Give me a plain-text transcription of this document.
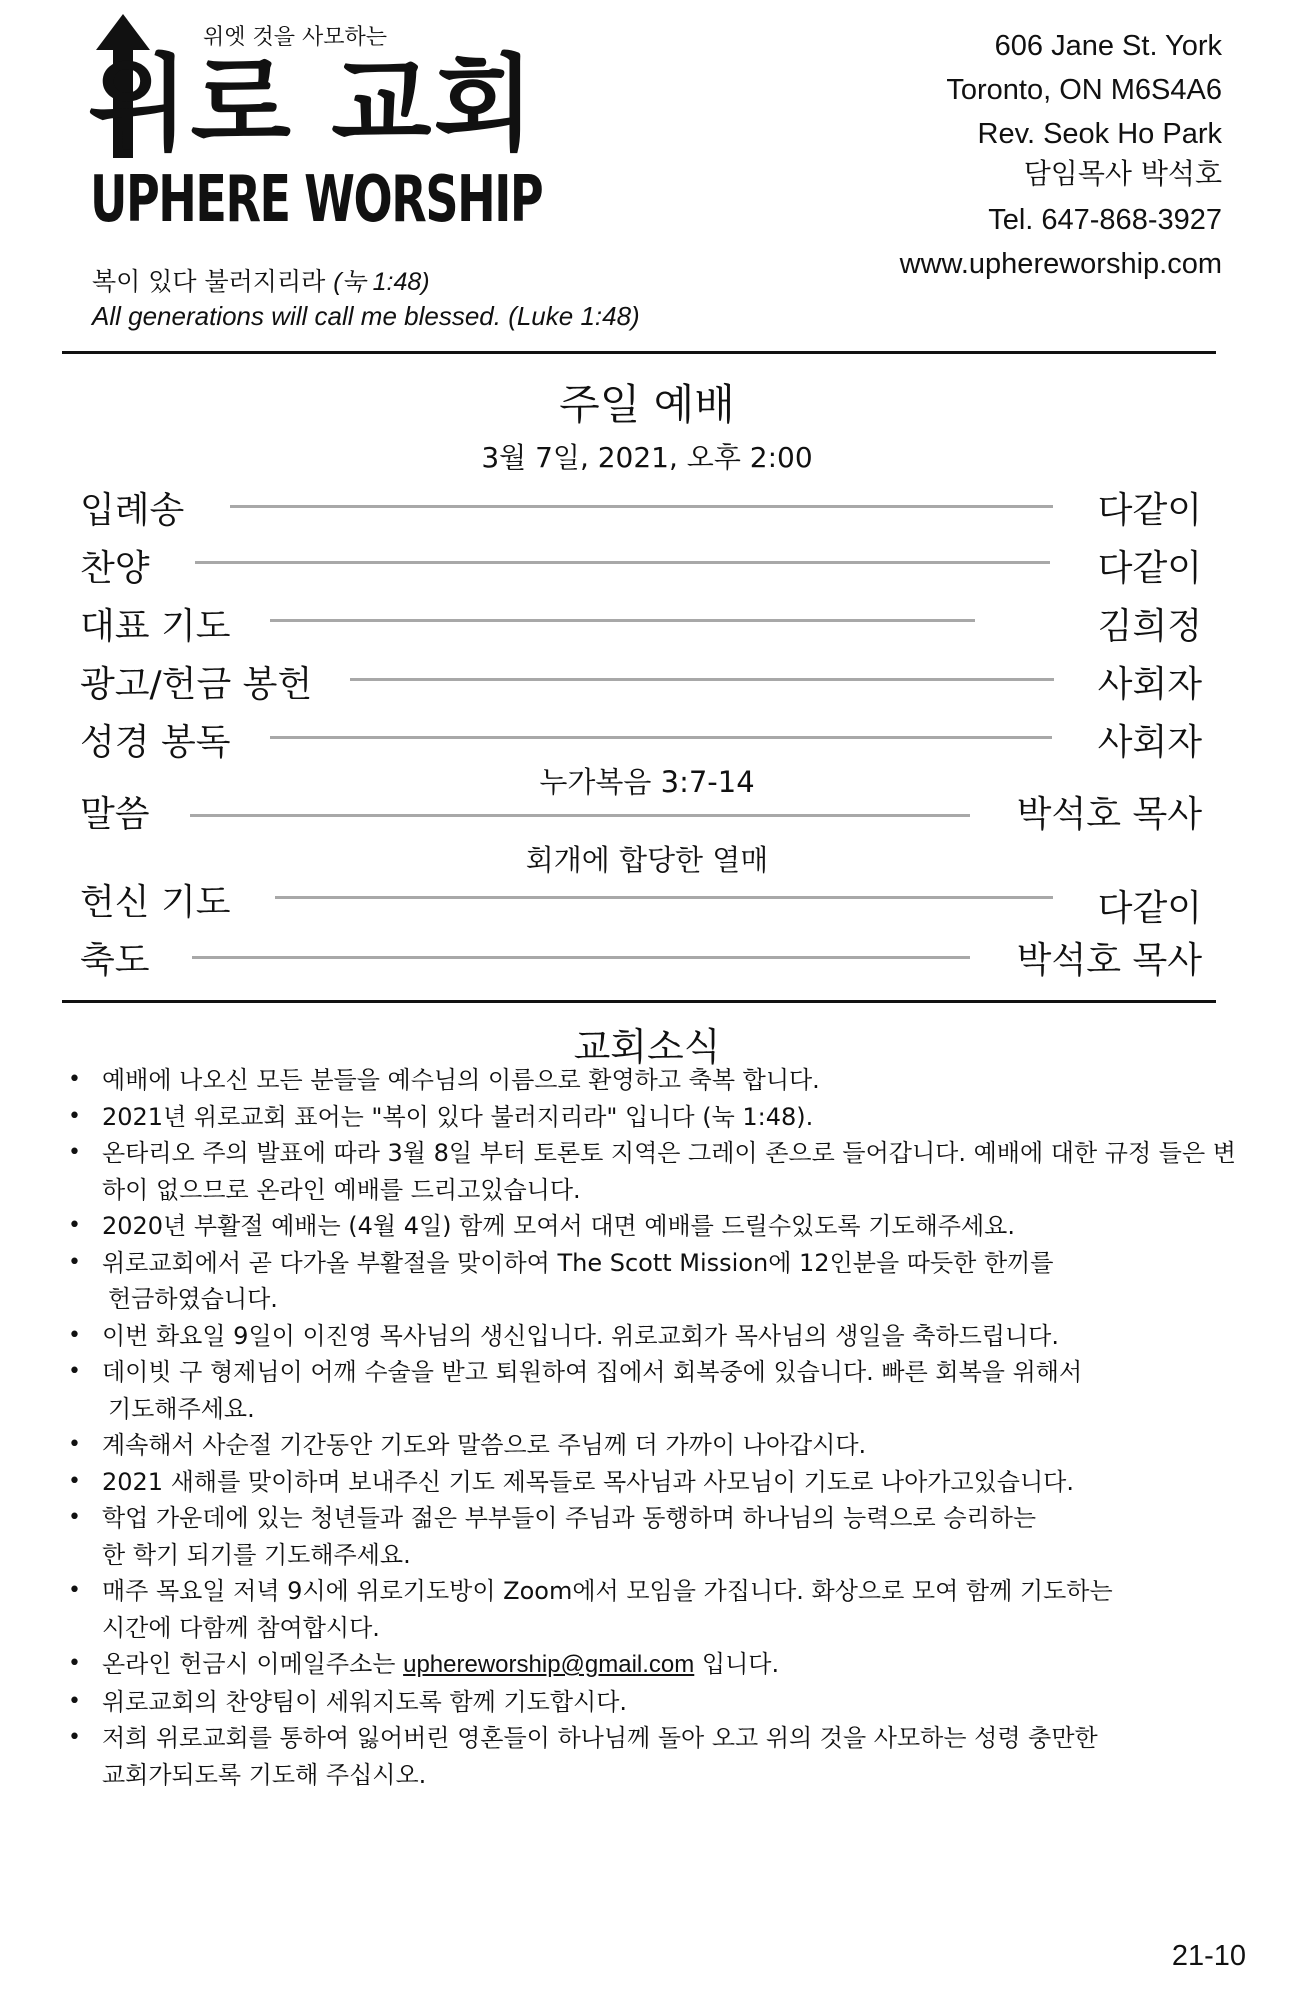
위엣 것을 사모하는
위로 교회
UPHERE WORSHIP
복이 있다 불러지리라 (눅 1:48)
All generations will call me blessed. (Luke 1:48)
606 Jane St. York
Toronto, ON M6S4A6
Rev. Seok Ho Park
담임목사 박석호
Tel. 647-868-3927
www.uphereworship.com
주일 예배
3월 7일, 2021, 오후 2:00
입례송	다같이
찬양	다같이
대표 기도	김희정
광고/헌금 봉헌	사회자
성경 봉독	사회자
누가복음 3:7-14
말씀	박석호 목사
회개에 합당한 열매
헌신 기도	다같이
축도	박석호 목사
교회소식
• 예배에 나오신 모든 분들을 예수님의 이름으로 환영하고 축복 합니다.
• 2021년 위로교회 표어는 "복이 있다 불러지리라" 입니다 (눅 1:48).
• 온타리오 주의 발표에 따라 3월 8일 부터 토론토 지역은 그레이 존으로 들어갑니다. 예배에 대한 규정 들은 변하이 없으므로 온라인 예배를 드리고있습니다.
• 2020년 부활절 예배는 (4월 4일) 함께 모여서 대면 예배를 드릴수있도록 기도해주세요.
• 위로교회에서 곧 다가올 부활절을 맞이하여 The Scott Mission에 12인분을 따듯한 한끼를
헌금하였습니다.
• 이번 화요일 9일이 이진영 목사님의 생신입니다. 위로교회가 목사님의 생일을 축하드립니다.
• 데이빗 구 형제님이 어깨 수술을 받고 퇴원하여 집에서 회복중에 있습니다. 빠른 회복을 위해서
기도해주세요.
• 계속해서 사순절 기간동안 기도와 말씀으로 주님께 더 가까이 나아갑시다.
• 2021 새해를 맞이하며 보내주신 기도 제목들로 목사님과 사모님이 기도로 나아가고있습니다.
• 학업 가운데에 있는 청년들과 젊은 부부들이 주님과 동행하며 하나님의 능력으로 승리하는
한 학기 되기를 기도해주세요.
• 매주 목요일 저녁 9시에 위로기도방이 Zoom에서 모임을 가집니다. 화상으로 모여 함께 기도하는
시간에 다함께 참여합시다.
• 온라인 헌금시 이메일주소는 uphereworship@gmail.com 입니다.
• 위로교회의 찬양팀이 세워지도록 함께 기도합시다.
• 저희 위로교회를 통하여 잃어버린 영혼들이 하나님께 돌아 오고 위의 것을 사모하는 성령 충만한
교회가되도록 기도해 주십시오.
21-10
